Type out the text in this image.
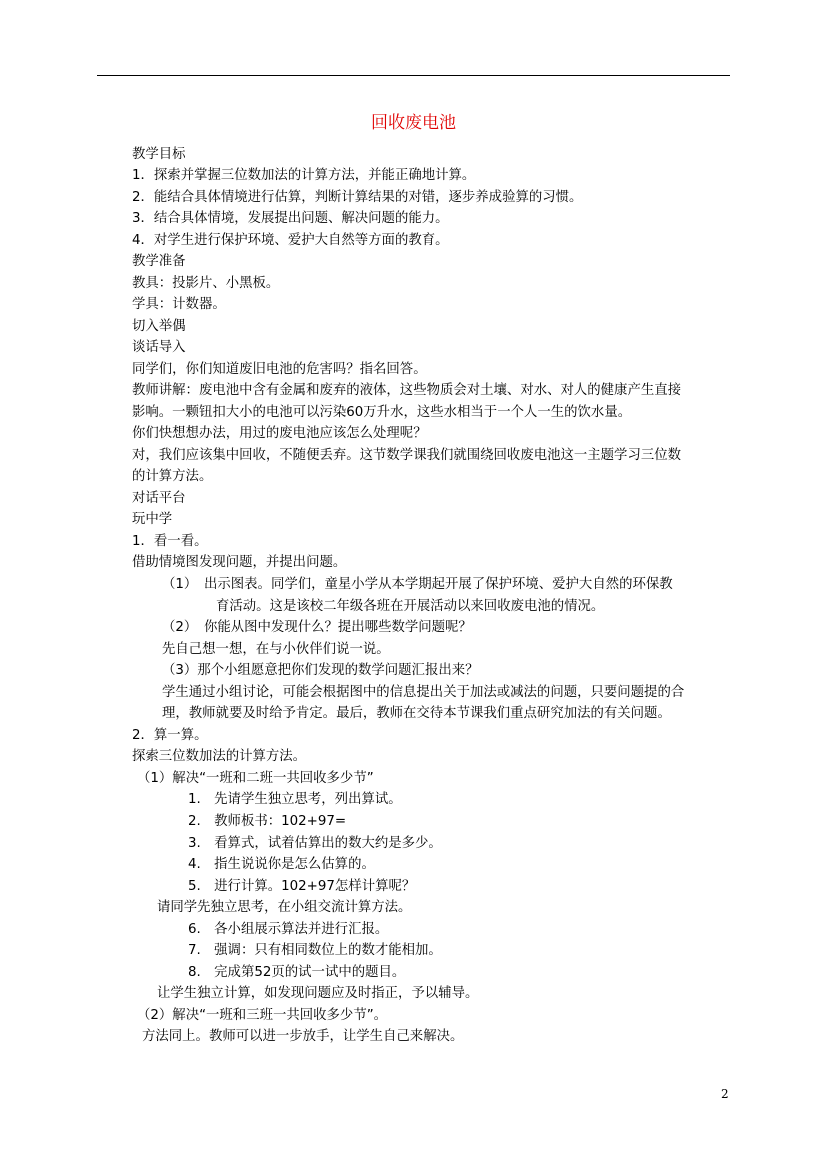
回收废电池
教学目标
1．探索并掌握三位数加法的计算方法，并能正确地计算。
2．能结合具体情境进行估算，判断计算结果的对错，逐步养成验算的习惯。
3．结合具体情境，发展提出问题、解决问题的能力。
4．对学生进行保护环境、爱护大自然等方面的教育。
教学准备
教具：投影片、小黑板。
学具：计数器。
切入举偶
谈话导入
同学们，你们知道废旧电池的危害吗？指名回答。
教师讲解：废电池中含有金属和废弃的液体，这些物质会对土壤、对水、对人的健康产生直接
影响。一颗钮扣大小的电池可以污染60万升水，这些水相当于一个人一生的饮水量。
你们快想想办法，用过的废电池应该怎么处理呢？
对，我们应该集中回收，不随便丢弃。这节数学课我们就围绕回收废电池这一主题学习三位数
的计算方法。
对话平台
玩中学
1．看一看。
借助情境图发现问题，并提出问题。
（1）　出示图表。同学们，童星小学从本学期起开展了保护环境、爱护大自然的环保教
育活动。这是该校二年级各班在开展活动以来回收废电池的情况。
（2）　你能从图中发现什么？提出哪些数学问题呢？
先自己想一想，在与小伙伴们说一说。
（3）那个小组愿意把你们发现的数学问题汇报出来？
学生通过小组讨论，可能会根据图中的信息提出关于加法或减法的问题，只要问题提的合
理，教师就要及时给予肯定。最后，教师在交待本节课我们重点研究加法的有关问题。
2．算一算。
探索三位数加法的计算方法。
（1）解决“一班和二班一共回收多少节”
1.　先请学生独立思考，列出算试。
2.　教师板书：102+97=
3.　看算式，试着估算出的数大约是多少。
4.　指生说说你是怎么估算的。
5.　进行计算。102+97怎样计算呢？
请同学先独立思考，在小组交流计算方法。
6.　各小组展示算法并进行汇报。
7.　强调：只有相同数位上的数才能相加。
8.　完成第52页的试一试中的题目。
让学生独立计算，如发现问题应及时指正，予以辅导。
（2）解决“一班和三班一共回收多少节”。
方法同上。教师可以进一步放手，让学生自己来解决。
2
